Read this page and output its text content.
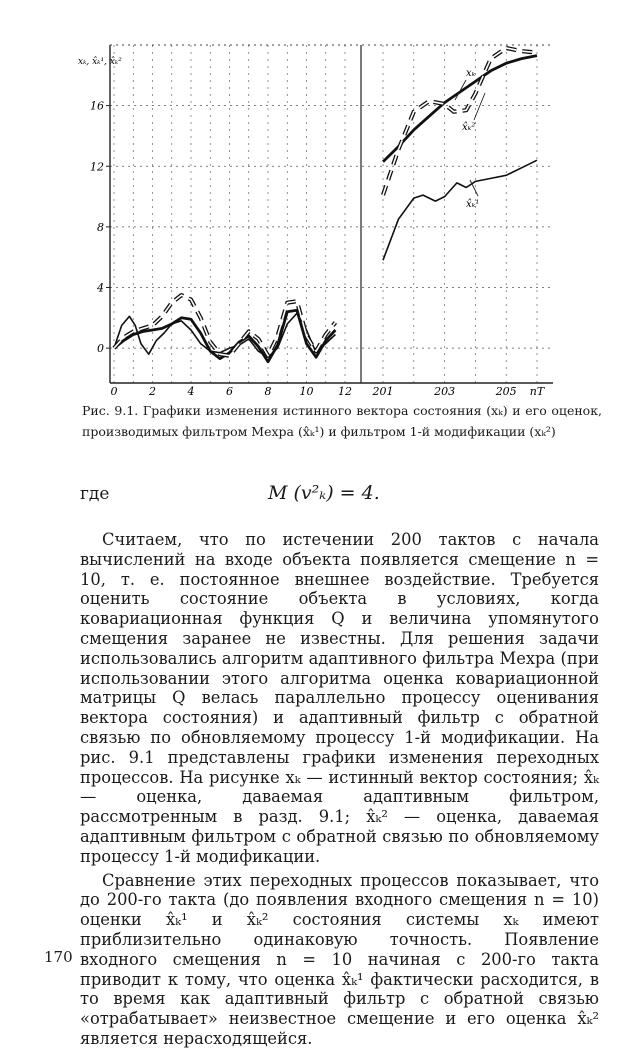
0
4
8
12
16
0	2	4	6	8	10 12 201	203	205 nT
xₖ, x̂ₖ¹, x̂ₖ²
xₖ
x̂ₖ²
x̂ₖ¹
Рис. 9.1. Графики изменения истинного вектора состояния (xₖ) и его оценок, производимых фильтром Мехра (x̂ₖ¹) и фильтром 1-й модификации (xₖ²)
где	M (v²ₖ) = 4.

Считаем, что по истечении 200 тактов с начала вычислений на входе объекта появляется смещение n = 10, т. е. постоянное внешнее воздействие. Требуется оценить состояние объекта в условиях, когда ковариационная функция Q и величина упомянутого смещения заранее не известны. Для решения задачи использовались алгоритм адаптивного фильтра Мехра (при использовании этого алгоритма оценка ковариационной матрицы Q велась параллельно процессу оценивания вектора состояния) и адаптивный фильтр с обратной связью по обновляемому процессу 1-й модификации. На рис. 9.1 представлены графики изменения переходных процессов. На рисунке xₖ — истинный вектор состояния; x̂ₖ — оценка, даваемая адаптивным фильтром, рассмотренным в разд. 9.1; x̂ₖ² — оценка, даваемая адаптивным фильтром с обратной связью по обновляемому процессу 1-й модификации.

Сравнение этих переходных процессов показывает, что до 200-го такта (до появления входного смещения n = 10) оценки x̂ₖ¹ и x̂ₖ² состояния системы xₖ имеют приблизительно одинаковую точность. Появление входного смещения n = 10 начиная с 200-го такта приводит к тому, что оценка x̂ₖ¹ фактически расходится, в то время как адаптивный фильтр с обратной связью «отрабатывает» неизвестное смещение и его оценка x̂ₖ² является нерасходящейся.

170
